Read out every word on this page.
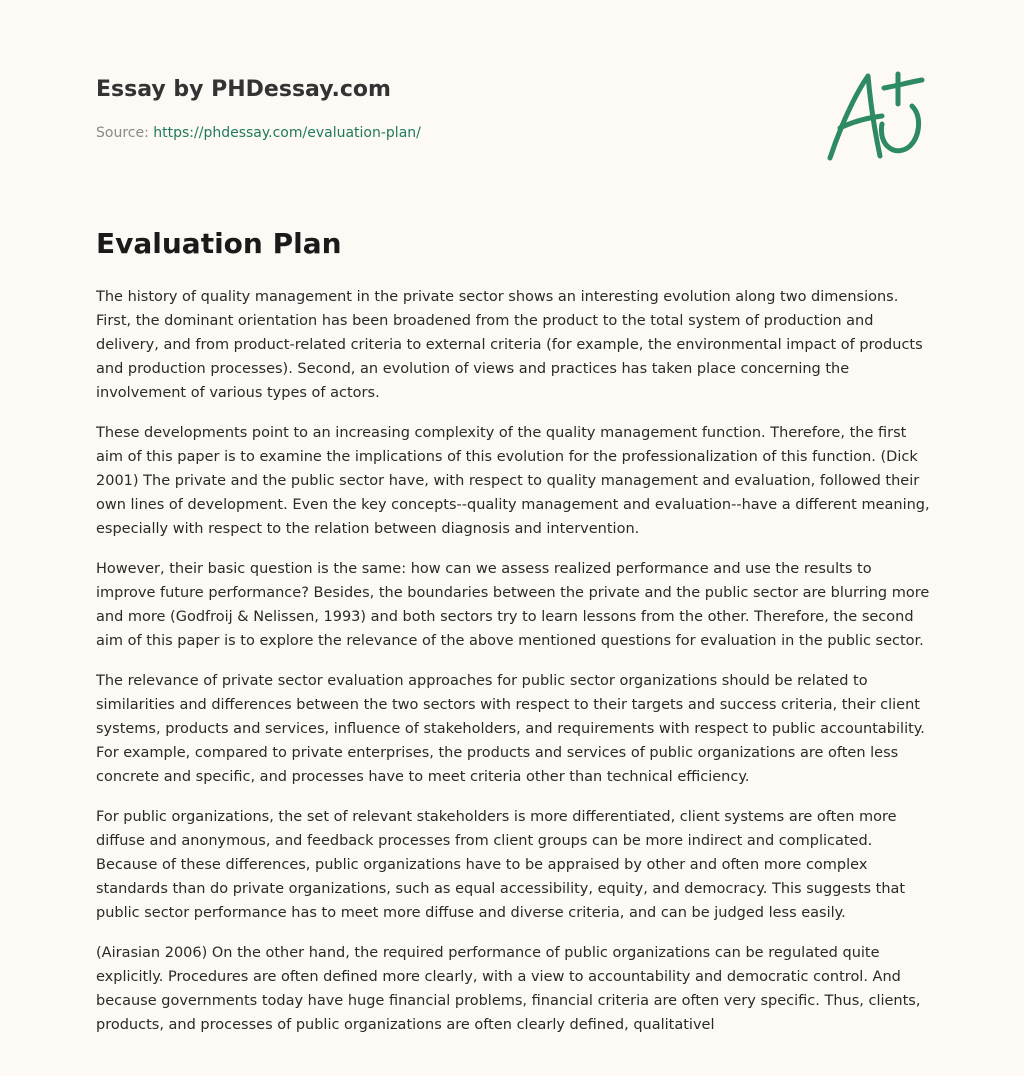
Essay by PHDessay.com

Source: https://phdessay.com/evaluation-plan/

Evaluation Plan

The history of quality management in the private sector shows an interesting evolution along two dimensions. First, the dominant orientation has been broadened from the product to the total system of production and delivery, and from product-related criteria to external criteria (for example, the environmental impact of products and production processes). Second, an evolution of views and practices has taken place concerning the involvement of various types of actors.

These developments point to an increasing complexity of the quality management function. Therefore, the first aim of this paper is to examine the implications of this evolution for the professionalization of this function. (Dick 2001) The private and the public sector have, with respect to quality management and evaluation, followed their own lines of development. Even the key concepts--quality management and evaluation--have a different meaning, especially with respect to the relation between diagnosis and intervention.

However, their basic question is the same: how can we assess realized performance and use the results to improve future performance? Besides, the boundaries between the private and the public sector are blurring more and more (Godfroij & Nelissen, 1993) and both sectors try to learn lessons from the other. Therefore, the second aim of this paper is to explore the relevance of the above mentioned questions for evaluation in the public sector.

The relevance of private sector evaluation approaches for public sector organizations should be related to similarities and differences between the two sectors with respect to their targets and success criteria, their client systems, products and services, influence of stakeholders, and requirements with respect to public accountability. For example, compared to private enterprises, the products and services of public organizations are often less concrete and specific, and processes have to meet criteria other than technical efficiency.

For public organizations, the set of relevant stakeholders is more differentiated, client systems are often more diffuse and anonymous, and feedback processes from client groups can be more indirect and complicated. Because of these differences, public organizations have to be appraised by other and often more complex standards than do private organizations, such as equal accessibility, equity, and democracy. This suggests that public sector performance has to meet more diffuse and diverse criteria, and can be judged less easily.

(Airasian 2006) On the other hand, the required performance of public organizations can be regulated quite explicitly. Procedures are often defined more clearly, with a view to accountability and democratic control. And because governments today have huge financial problems, financial criteria are often very specific. Thus, clients, products, and processes of public organizations are often clearly defined, qualitativel
